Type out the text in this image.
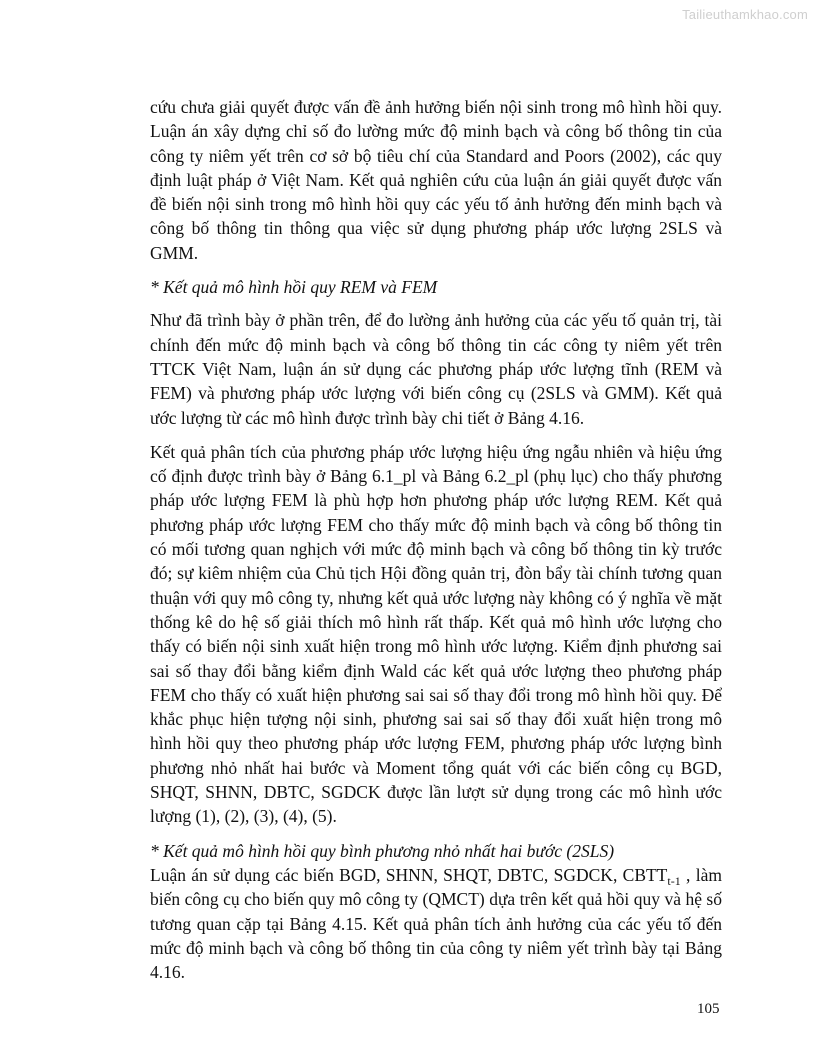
Tailieuthamkhao.com

cứu chưa giải quyết được vấn đề ảnh hưởng biến nội sinh trong mô hình hồi quy. Luận án xây dựng chỉ số đo lường mức độ minh bạch và công bố thông tin của công ty niêm yết trên cơ sở bộ tiêu chí của Standard and Poors (2002), các quy định luật pháp ở Việt Nam. Kết quả nghiên cứu của luận án giải quyết được vấn đề biến nội sinh trong mô hình hồi quy các yếu tố ảnh hưởng đến minh bạch và công bố thông tin thông qua việc sử dụng phương pháp ước lượng 2SLS và GMM.

* Kết quả mô hình hồi quy REM và FEM

Như đã trình bày ở phần trên, để đo lường ảnh hưởng của các yếu tố quản trị, tài chính đến mức độ minh bạch và công bố thông tin các công ty niêm yết trên TTCK Việt Nam, luận án sử dụng các phương pháp ước lượng tĩnh (REM và FEM) và phương pháp ước lượng với biến công cụ (2SLS và GMM). Kết quả ước lượng từ các mô hình được trình bày chi tiết ở Bảng 4.16.

Kết quả phân tích của phương pháp ước lượng hiệu ứng ngẫu nhiên và hiệu ứng cố định được trình bày ở Bảng 6.1_pl và Bảng 6.2_pl (phụ lục) cho thấy phương pháp ước lượng FEM là phù hợp hơn phương pháp ước lượng REM. Kết quả phương pháp ước lượng FEM cho thấy mức độ minh bạch và công bố thông tin có mối tương quan nghịch với mức độ minh bạch và công bố thông tin kỳ trước đó; sự kiêm nhiệm của Chủ tịch Hội đồng quản trị, đòn bẩy tài chính tương quan thuận với quy mô công ty, nhưng kết quả ước lượng này không có ý nghĩa về mặt thống kê do hệ số giải thích mô hình rất thấp. Kết quả mô hình ước lượng cho thấy có biến nội sinh xuất hiện trong mô hình ước lượng. Kiểm định phương sai sai số thay đổi bằng kiểm định Wald các kết quả ước lượng theo phương pháp FEM cho thấy có xuất hiện phương sai sai số thay đổi trong mô hình hồi quy. Để khắc phục hiện tượng nội sinh, phương sai sai số thay đổi xuất hiện trong mô hình hồi quy theo phương pháp ước lượng FEM, phương pháp ước lượng bình phương nhỏ nhất hai bước và Moment tổng quát với các biến công cụ BGD, SHQT, SHNN, DBTC, SGDCK được lần lượt sử dụng trong các mô hình ước lượng (1), (2), (3), (4), (5).

* Kết quả mô hình hồi quy bình phương nhỏ nhất hai bước (2SLS)

Luận án sử dụng các biến BGD, SHNN, SHQT, DBTC, SGDCK, $CBTT_{t-1}$ , làm biến công cụ cho biến quy mô công ty (QMCT) dựa trên kết quả hồi quy và hệ số tương quan cặp tại Bảng 4.15. Kết quả phân tích ảnh hưởng của các yếu tố đến mức độ minh bạch và công bố thông tin của công ty niêm yết trình bày tại Bảng 4.16.

105
